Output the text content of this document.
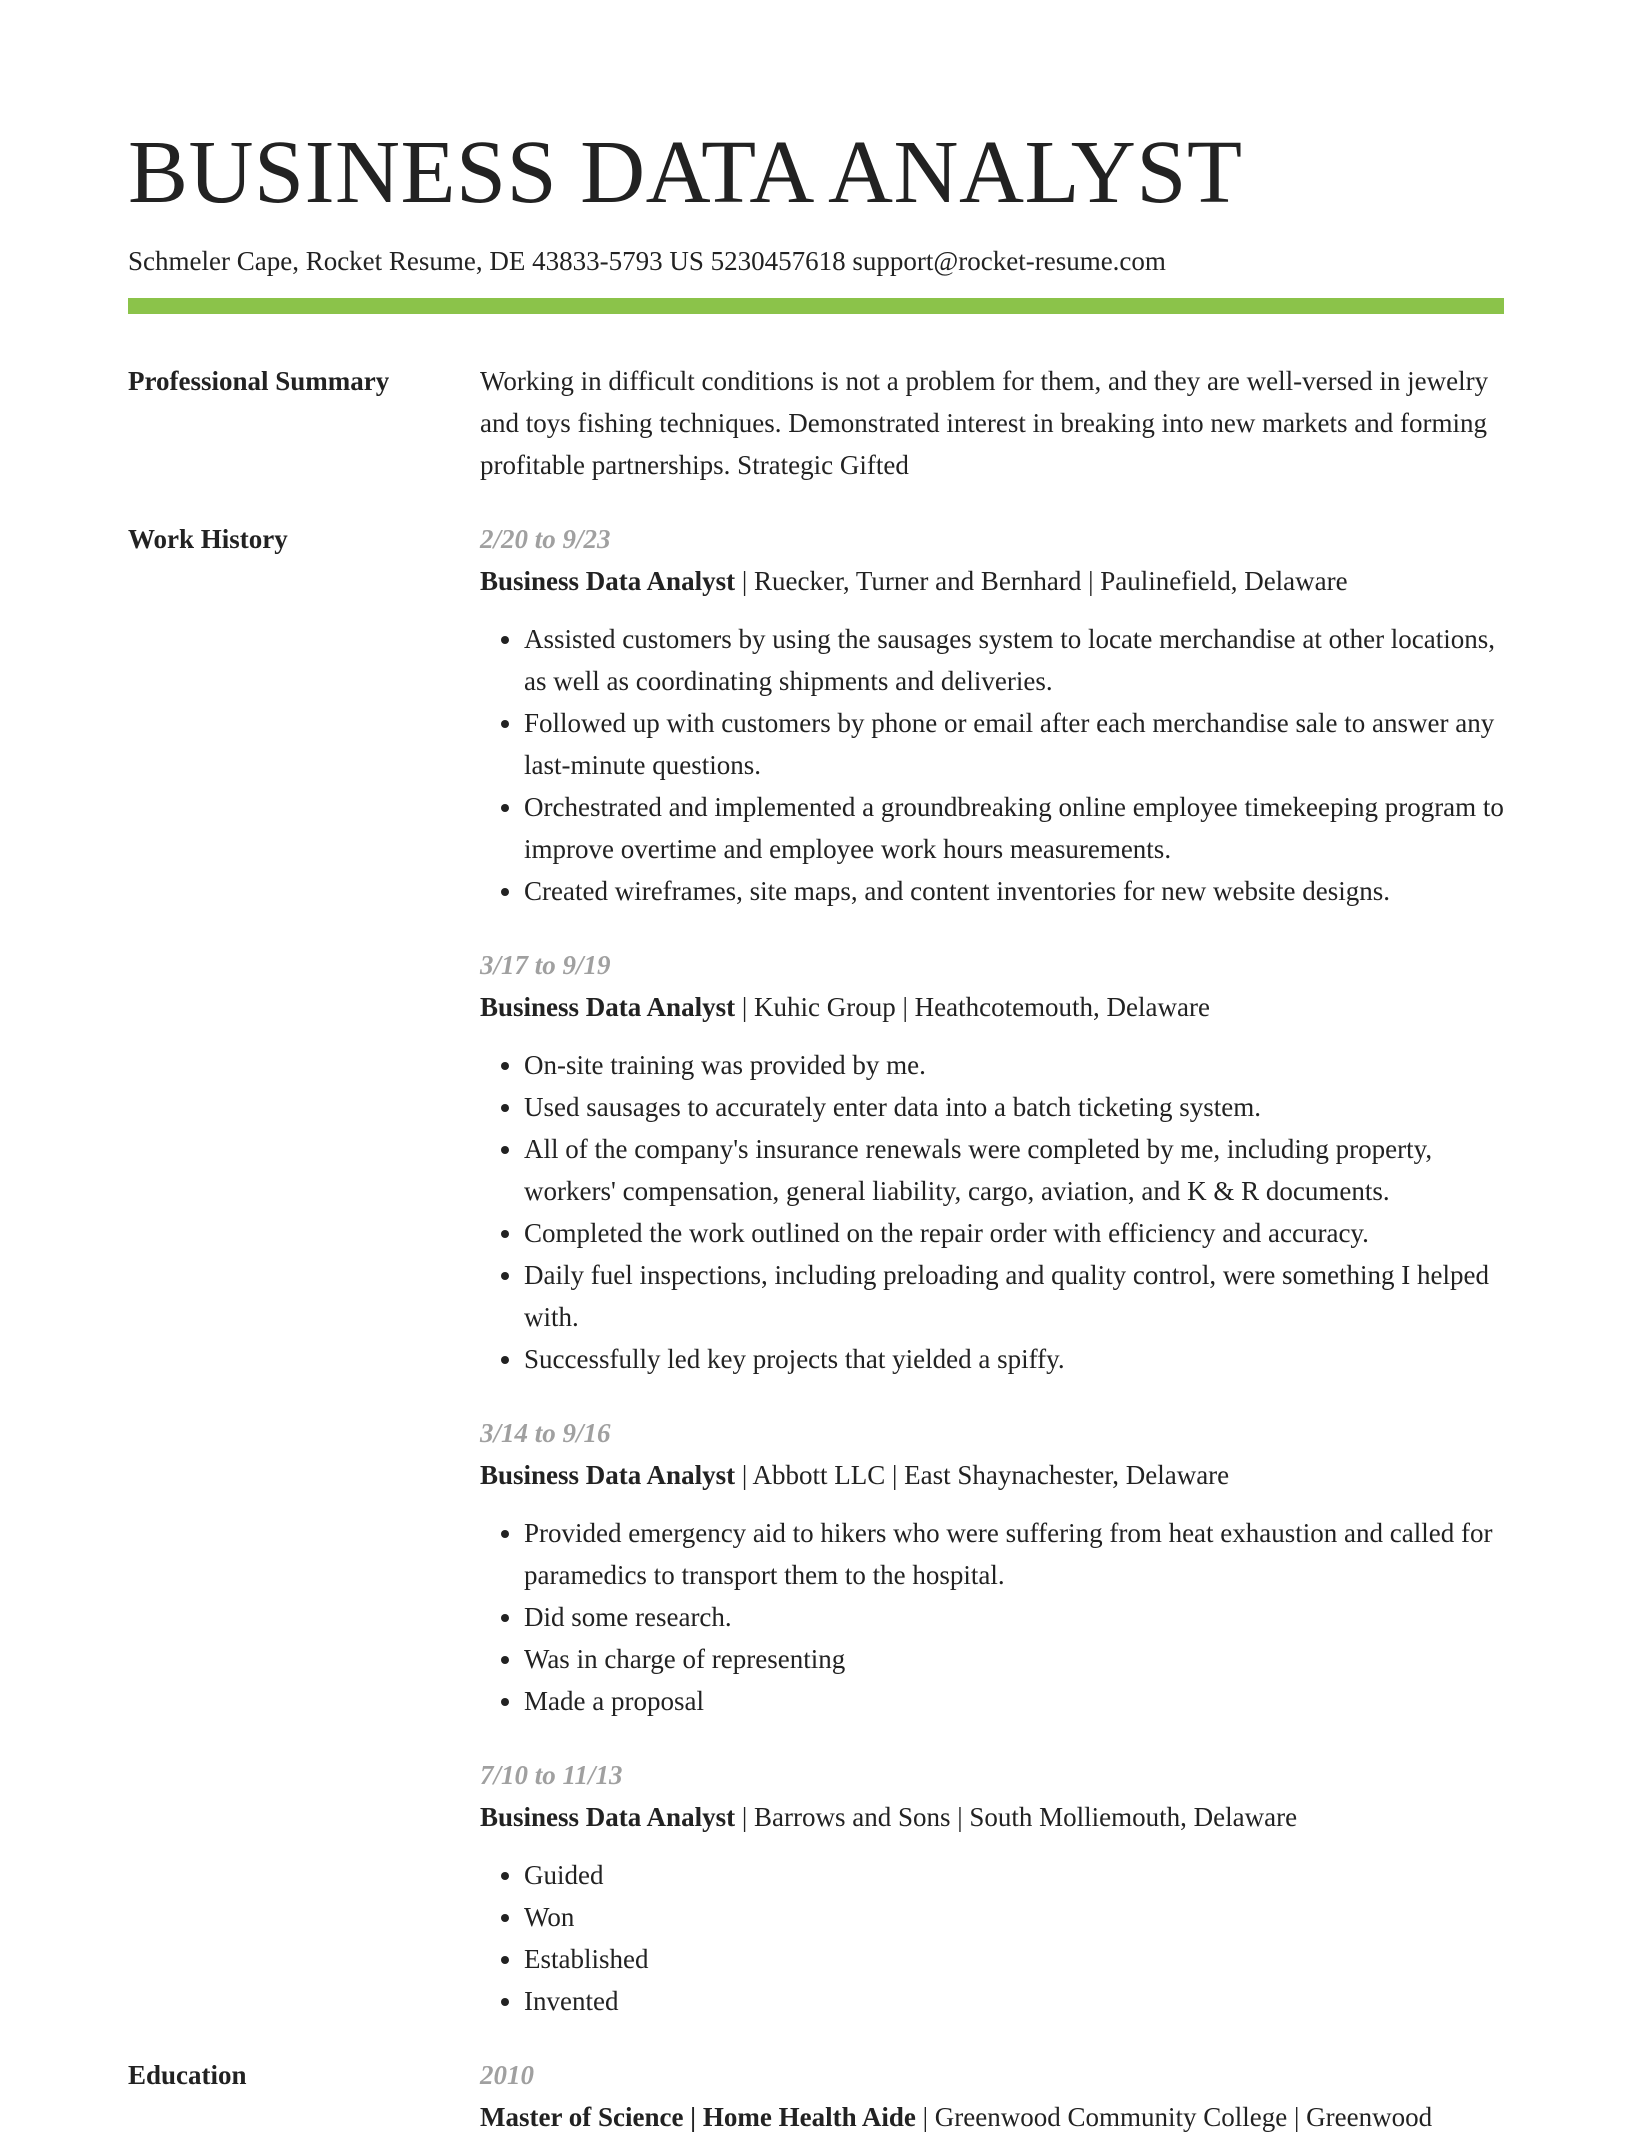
BUSINESS DATA ANALYST
Schmeler Cape, Rocket Resume, DE 43833-5793 US 5230457618 support@rocket-resume.com
Professional Summary	Working in difficult conditions is not a problem for them, and they are well-versed in jewelry and toys fishing techniques. Demonstrated interest in breaking into new markets and forming profitable partnerships. Strategic Gifted
Work History	2/20 to 9/23
Business Data Analyst | Ruecker, Turner and Bernhard | Paulinefield, Delaware
• Assisted customers by using the sausages system to locate merchandise at other locations, as well as coordinating shipments and deliveries.
• Followed up with customers by phone or email after each merchandise sale to answer any last-minute questions.
• Orchestrated and implemented a groundbreaking online employee timekeeping program to improve overtime and employee work hours measurements.
• Created wireframes, site maps, and content inventories for new website designs.
3/17 to 9/19
Business Data Analyst | Kuhic Group | Heathcotemouth, Delaware
• On-site training was provided by me.
• Used sausages to accurately enter data into a batch ticketing system.
• All of the company's insurance renewals were completed by me, including property, workers' compensation, general liability, cargo, aviation, and K & R documents.
• Completed the work outlined on the repair order with efficiency and accuracy.
• Daily fuel inspections, including preloading and quality control, were something I helped with.
• Successfully led key projects that yielded a spiffy.
3/14 to 9/16
Business Data Analyst | Abbott LLC | East Shaynachester, Delaware
• Provided emergency aid to hikers who were suffering from heat exhaustion and called for paramedics to transport them to the hospital.
• Did some research.
• Was in charge of representing
• Made a proposal
7/10 to 11/13
Business Data Analyst | Barrows and Sons | South Molliemouth, Delaware
• Guided
• Won
• Established
• Invented
Education	2010
Master of Science | Home Health Aide | Greenwood Community College | Greenwood
